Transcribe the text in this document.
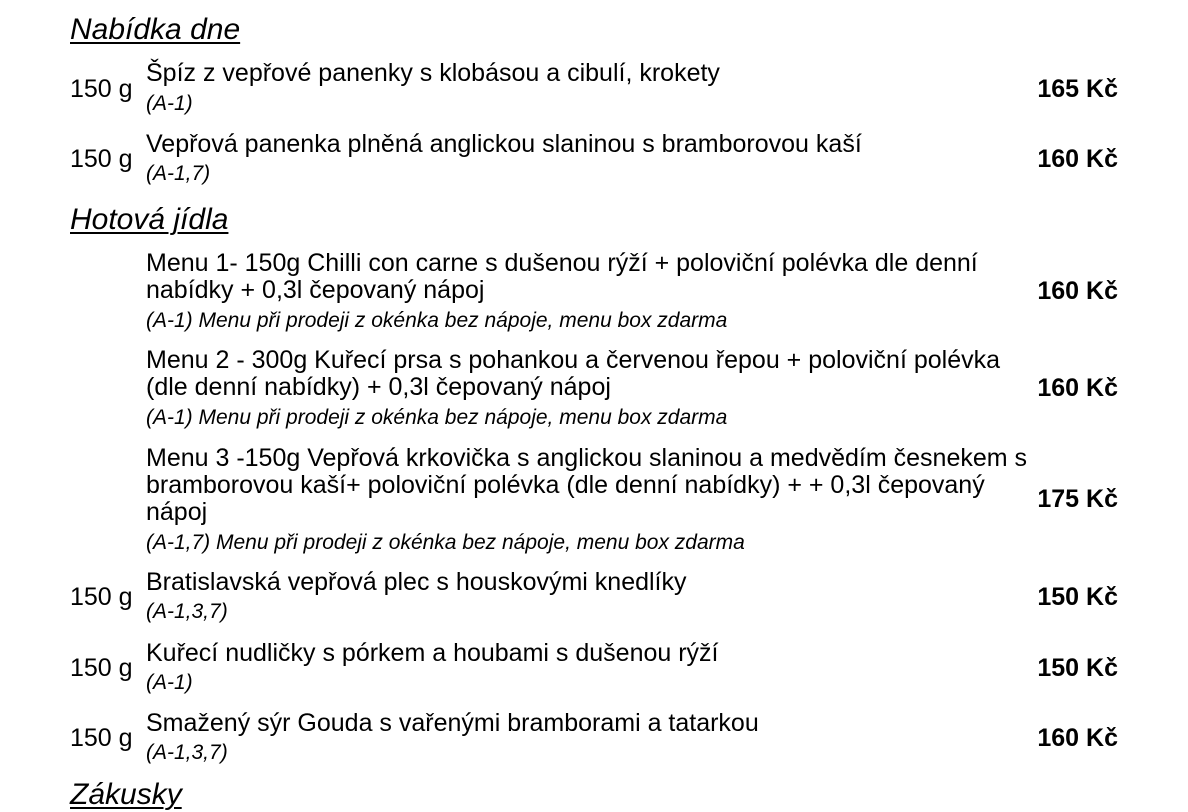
Nabídka dne
150 g
Špíz z vepřové panenky s klobásou a cibulí, krokety
(A-1)
165 Kč
150 g
Vepřová panenka plněná anglickou slaninou s bramborovou kaší
(A-1,7)
160 Kč
Hotová jídla
Menu 1- 150g Chilli con carne s dušenou rýží + poloviční polévka dle denní nabídky + 0,3l čepovaný nápoj
(A-1) Menu při prodeji z okénka bez nápoje, menu box zdarma
160 Kč
Menu 2 - 300g Kuřecí prsa s pohankou a červenou řepou + poloviční polévka (dle denní nabídky) + 0,3l čepovaný nápoj
(A-1) Menu při prodeji z okénka bez nápoje, menu box zdarma
160 Kč
Menu 3 -150g Vepřová krkovička s anglickou slaninou a medvědím česnekem s bramborovou kaší+ poloviční polévka (dle denní nabídky) + + 0,3l čepovaný nápoj
(A-1,7) Menu při prodeji z okénka bez nápoje, menu box zdarma
175 Kč
150 g
Bratislavská vepřová plec s houskovými knedlíky
(A-1,3,7)
150 Kč
150 g
Kuřecí nudličky s pórkem a houbami s dušenou rýží
(A-1)
150 Kč
150 g
Smažený sýr Gouda s vařenými bramborami a tatarkou
(A-1,3,7)
160 Kč
Zákusky
